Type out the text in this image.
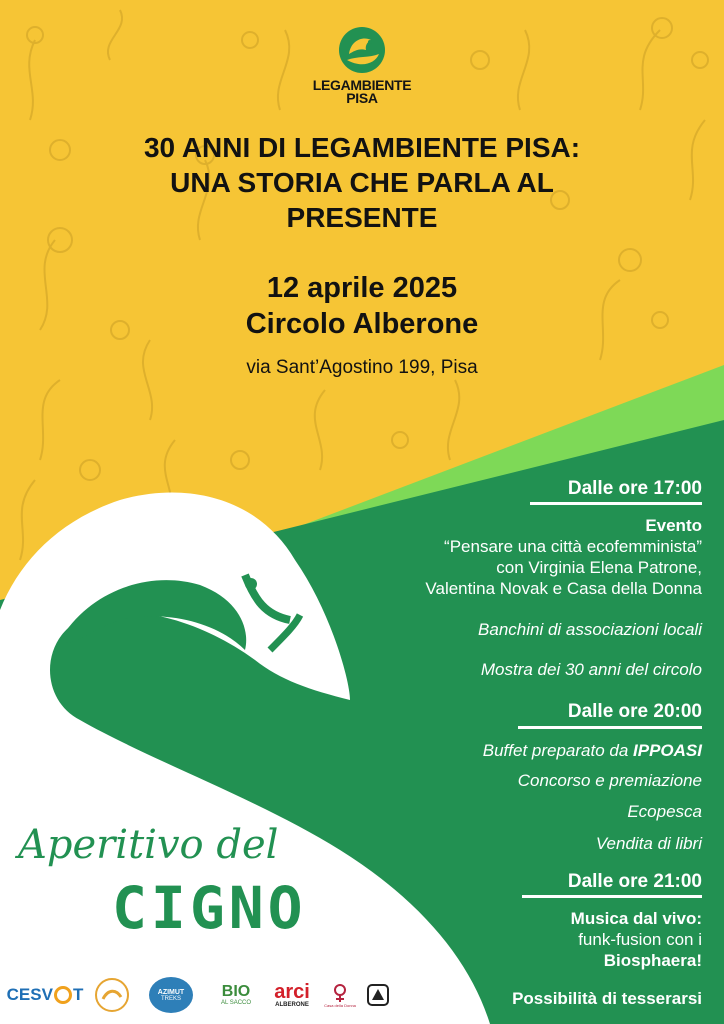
LEGAMBIENTE
PISA
30 ANNI DI LEGAMBIENTE PISA:
UNA STORIA CHE PARLA AL
PRESENTE
12 aprile 2025
Circolo Alberone
via Sant’Agostino 199, Pisa
Dalle ore 17:00
Evento
“Pensare una città ecofemminista”
con Virginia Elena Patrone,
Valentina Novak e Casa della Donna
Banchini di associazioni locali
Mostra dei 30 anni del circolo
Dalle ore 20:00
Buffet preparato da IPPOASI
Concorso e premiazione
Ecopesca
Vendita di libri
Dalle ore 21:00
Musica dal vivo:
funk-fusion con i
Biosphaera!
Possibilità di tesserarsi
Aperitivo del
CIGNO
CESV T	AZIMUT
TREKS	BIO
AL SACCO arci
ALBERONE	Casa della Donna
